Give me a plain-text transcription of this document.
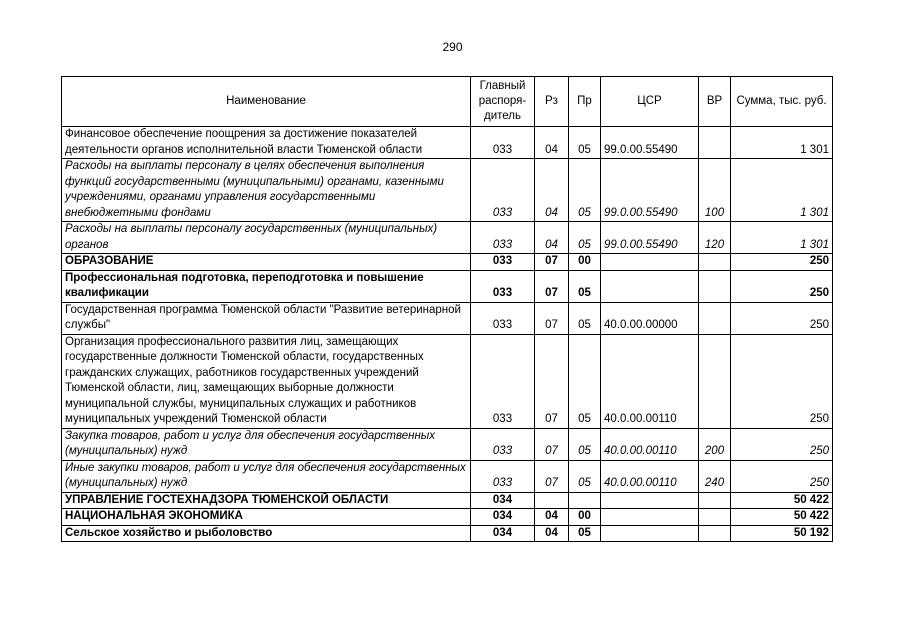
290
Наименование	Главный распоря-дитель	Рз	Пр	ЦСР	ВР	Сумма, тыс. руб.
Финансовое обеспечение поощрения за достижение показателей деятельности органов исполнительной власти Тюменской области	033	04	05	99.0.00.55490		1 301
Расходы на выплаты персоналу в целях обеспечения выполнения функций государственными (муниципальными) органами, казенными учреждениями, органами управления государственными внебюджетными фондами	033	04	05	99.0.00.55490	100	1 301
Расходы на выплаты персоналу государственных (муниципальных) органов	033	04	05	99.0.00.55490	120	1 301
ОБРАЗОВАНИЕ	033	07	00			250
Профессиональная подготовка, переподготовка и повышение квалификации	033	07	05			250
Государственная программа Тюменской области "Развитие ветеринарной службы"	033	07	05	40.0.00.00000		250
Организация профессионального развития лиц, замещающих государственные должности Тюменской области, государственных гражданских служащих, работников государственных учреждений Тюменской области, лиц, замещающих выборные должности муниципальной службы, муниципальных служащих и работников муниципальных учреждений Тюменской области	033	07	05	40.0.00.00110		250
Закупка товаров, работ и услуг для обеспечения государственных (муниципальных) нужд	033	07	05	40.0.00.00110	200	250
Иные закупки товаров, работ и услуг для обеспечения государственных (муниципальных) нужд	033	07	05	40.0.00.00110	240	250
УПРАВЛЕНИЕ ГОСТЕХНАДЗОРА ТЮМЕНСКОЙ ОБЛАСТИ	034					50 422
НАЦИОНАЛЬНАЯ ЭКОНОМИКА	034	04	00			50 422
Сельское хозяйство и рыболовство	034	04	05			50 192
